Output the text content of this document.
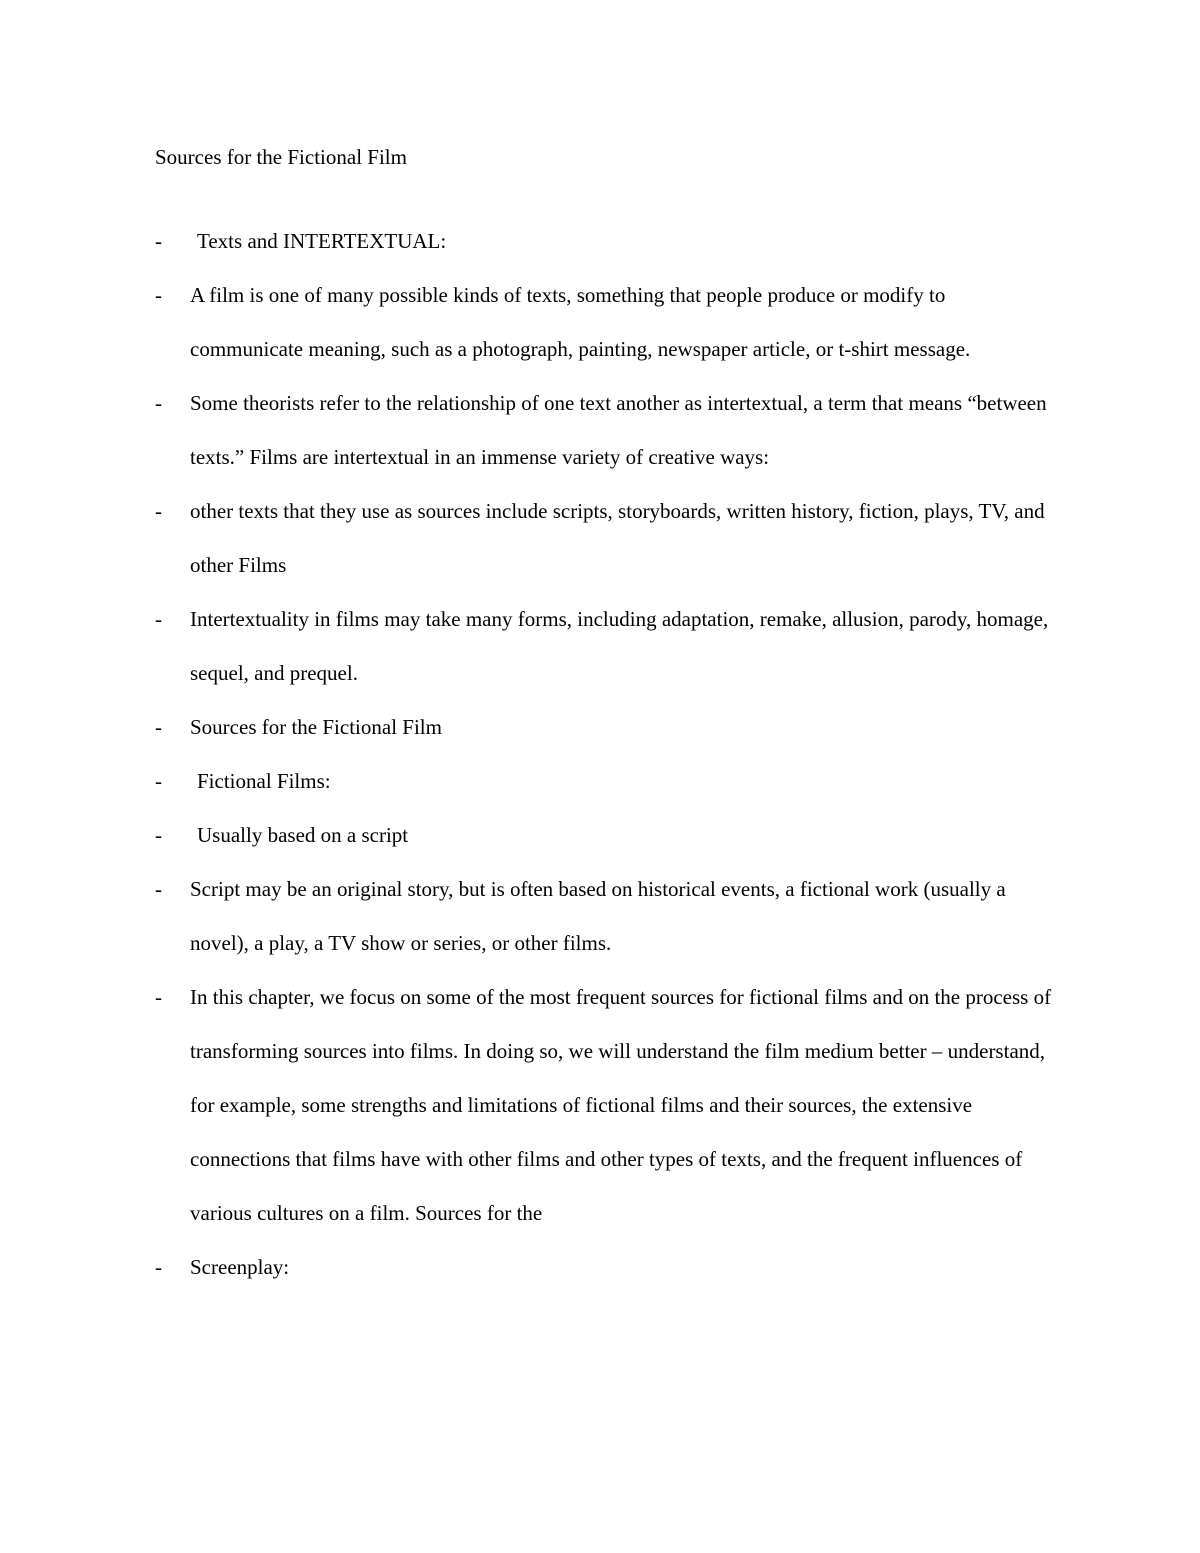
Sources for the Fictional Film
- Texts and INTERTEXTUAL:
- A film is one of many possible kinds of texts, something that people produce or modify to communicate meaning, such as a photograph, painting, newspaper article, or t-shirt message.
- Some theorists refer to the relationship of one text another as intertextual, a term that means “between texts.” Films are intertextual in an immense variety of creative ways:
- other texts that they use as sources include scripts, storyboards, written history, fiction, plays, TV, and other Films
- Intertextuality in films may take many forms, including adaptation, remake, allusion, parody, homage, sequel, and prequel.
- Sources for the Fictional Film
- Fictional Films:
- Usually based on a script
- Script may be an original story, but is often based on historical events, a fictional work (usually a novel), a play, a TV show or series, or other films.
- In this chapter, we focus on some of the most frequent sources for fictional films and on the process of transforming sources into films. In doing so, we will understand the film medium better – understand, for example, some strengths and limitations of fictional films and their sources, the extensive connections that films have with other films and other types of texts, and the frequent influences of various cultures on a film. Sources for the
- Screenplay:
